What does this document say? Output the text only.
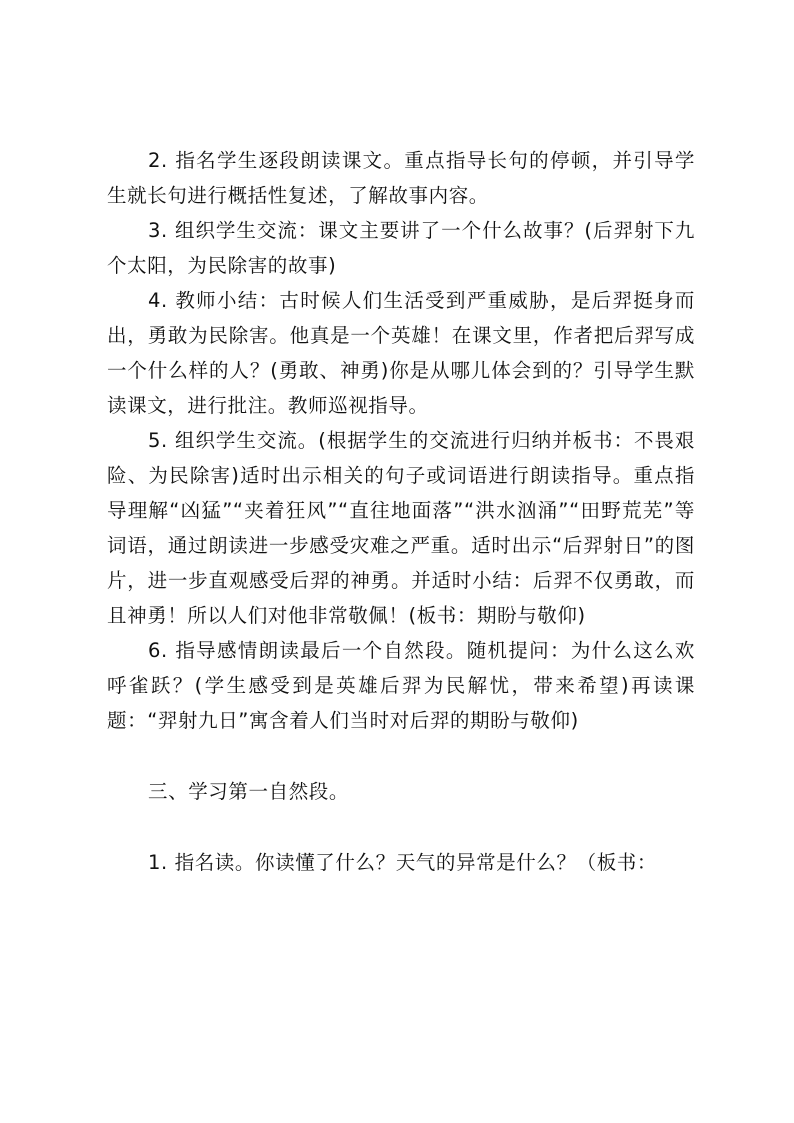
2. 指名学生逐段朗读课文。重点指导长句的停顿，并引导学生就长句进行概括性复述，了解故事内容。

3. 组织学生交流：课文主要讲了一个什么故事？(后羿射下九个太阳，为民除害的故事)

4. 教师小结：古时候人们生活受到严重威胁，是后羿挺身而出，勇敢为民除害。他真是一个英雄！在课文里，作者把后羿写成一个什么样的人？(勇敢、神勇)你是从哪儿体会到的？引导学生默读课文，进行批注。教师巡视指导。

5. 组织学生交流。(根据学生的交流进行归纳并板书：不畏艰险、为民除害)适时出示相关的句子或词语进行朗读指导。重点指导理解“凶猛”“夹着狂风”“直往地面落”“洪水汹涌”“田野荒芜”等词语，通过朗读进一步感受灾难之严重。适时出示“后羿射日”的图片，进一步直观感受后羿的神勇。并适时小结：后羿不仅勇敢，而且神勇！所以人们对他非常敬佩！(板书：期盼与敬仰)

6. 指导感情朗读最后一个自然段。随机提问：为什么这么欢呼雀跃？(学生感受到是英雄后羿为民解忧，带来希望)再读课题：“羿射九日”寓含着人们当时对后羿的期盼与敬仰)

三、学习第一自然段。

1. 指名读。你读懂了什么？天气的异常是什么？（板书：
